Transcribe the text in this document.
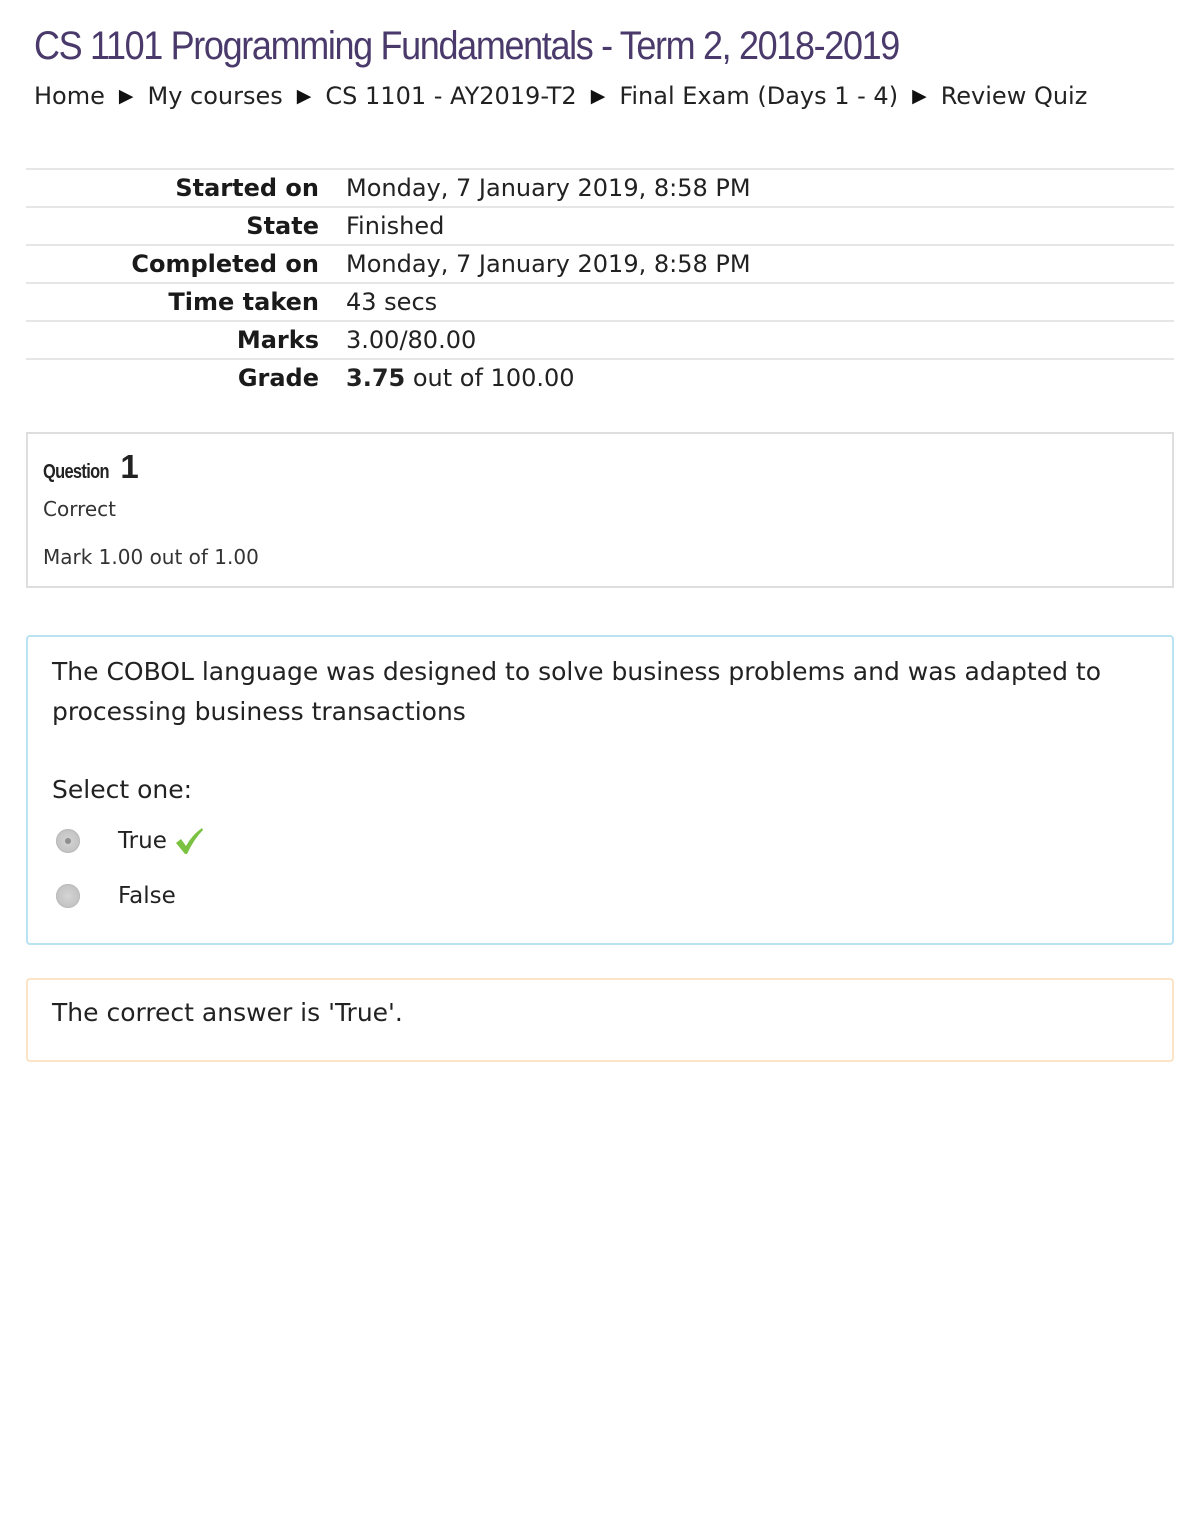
CS 1101 Programming Fundamentals - Term 2, 2018-2019
Home ▶ My courses ▶ CS 1101 - AY2019-T2 ▶ Final Exam (Days 1 - 4) ▶ Review Quiz
Started on	Monday, 7 January 2019, 8:58 PM
State	Finished
Completed on	Monday, 7 January 2019, 8:58 PM
Time taken	43 secs
Marks	3.00/80.00
Grade	3.75 out of 100.00
Question 1
Correct
Mark 1.00 out of 1.00
The COBOL language was designed to solve business problems and was adapted to processing business transactions
Select one:
True
False
The correct answer is 'True'.
